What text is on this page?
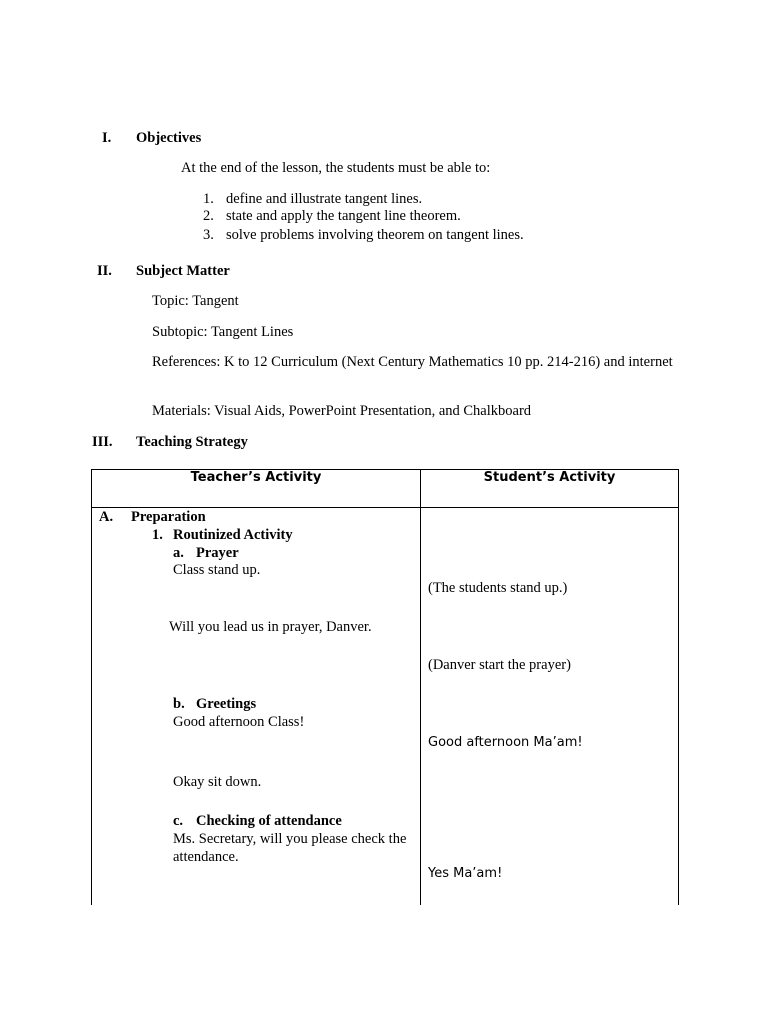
I. Objectives
At the end of the lesson, the students must be able to:
1. define and illustrate tangent lines.
2. state and apply the tangent line theorem.
3. solve problems involving theorem on tangent lines.
II. Subject Matter
Topic: Tangent
Subtopic: Tangent Lines
References: K to 12 Curriculum (Next Century Mathematics 10 pp. 214-216) and internet
Materials: Visual Aids, PowerPoint Presentation, and Chalkboard
III. Teaching Strategy
Teacher’s Activity	Student’s Activity
A. Preparation
1. Routinized Activity
a. Prayer
Class stand up.
(The students stand up.)
Will you lead us in prayer, Danver.
(Danver start the prayer)
b. Greetings
Good afternoon Class!
Good afternoon Ma’am!
Okay sit down.
c. Checking of attendance
Ms. Secretary, will you please check the
attendance.
Yes Ma’am!
